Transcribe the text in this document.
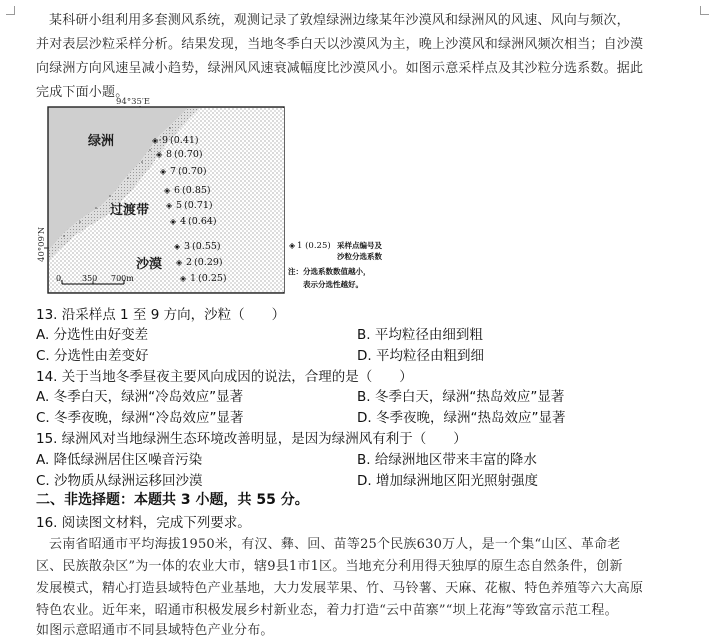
某科研小组利用多套测风系统，观测记录了敦煌绿洲边缘某年沙漠风和绿洲风的风速、风向与频次，
并对表层沙粒采样分析。结果发现，当地冬季白天以沙漠风为主，晚上沙漠风和绿洲风频次相当；自沙漠
向绿洲方向风速呈减小趋势，绿洲风风速衰减幅度比沙漠风小。如图示意采样点及其沙粒分选系数。据此
完成下面小题。
94°35′E
绿洲
过渡带
沙漠
◈ 9 (0.41)
◈ 8 (0.70)
◈ 7 (0.70)
◈ 6 (0.85)
◈ 5 (0.71)
◈ 4 (0.64)
◈ 3 (0.55)
◈ 2 (0.29)
◈ 1 (0.25)
40°09′N
0	350 700m
◈ 1 (0.25) 采样点编号及
沙粒分选系数
注：分选系数数值越小，
表示分选性越好。
13. 沿采样点 1 至 9 方向，沙粒（　　）
A. 分选性由好变差	B. 平均粒径由细到粗
C. 分选性由差变好	D. 平均粒径由粗到细
14. 关于当地冬季昼夜主要风向成因的说法，合理的是（　　）
A. 冬季白天，绿洲“冷岛效应”显著	B. 冬季白天，绿洲“热岛效应”显著
C. 冬季夜晚，绿洲“冷岛效应”显著	D. 冬季夜晚，绿洲“热岛效应”显著
15. 绿洲风对当地绿洲生态环境改善明显，是因为绿洲风有利于（　　）
A. 降低绿洲居住区噪音污染	B. 给绿洲地区带来丰富的降水
C. 沙物质从绿洲运移回沙漠	D. 增加绿洲地区阳光照射强度
二、非选择题：本题共 3 小题，共 55 分。
16. 阅读图文材料，完成下列要求。
云南省昭通市平均海拔1950米，有汉、彝、回、苗等25个民族630万人，是一个集“山区、革命老
区、民族散杂区”为一体的农业大市，辖9县1市1区。当地充分利用得天独厚的原生态自然条件，创新
发展模式，精心打造县域特色产业基地，大力发展苹果、竹、马铃薯、天麻、花椒、特色养殖等六大高原
特色农业。近年来，昭通市积极发展乡村新业态，着力打造“云中苗寨”“坝上花海”等致富示范工程。
如图示意昭通市不同县域特色产业分布。
